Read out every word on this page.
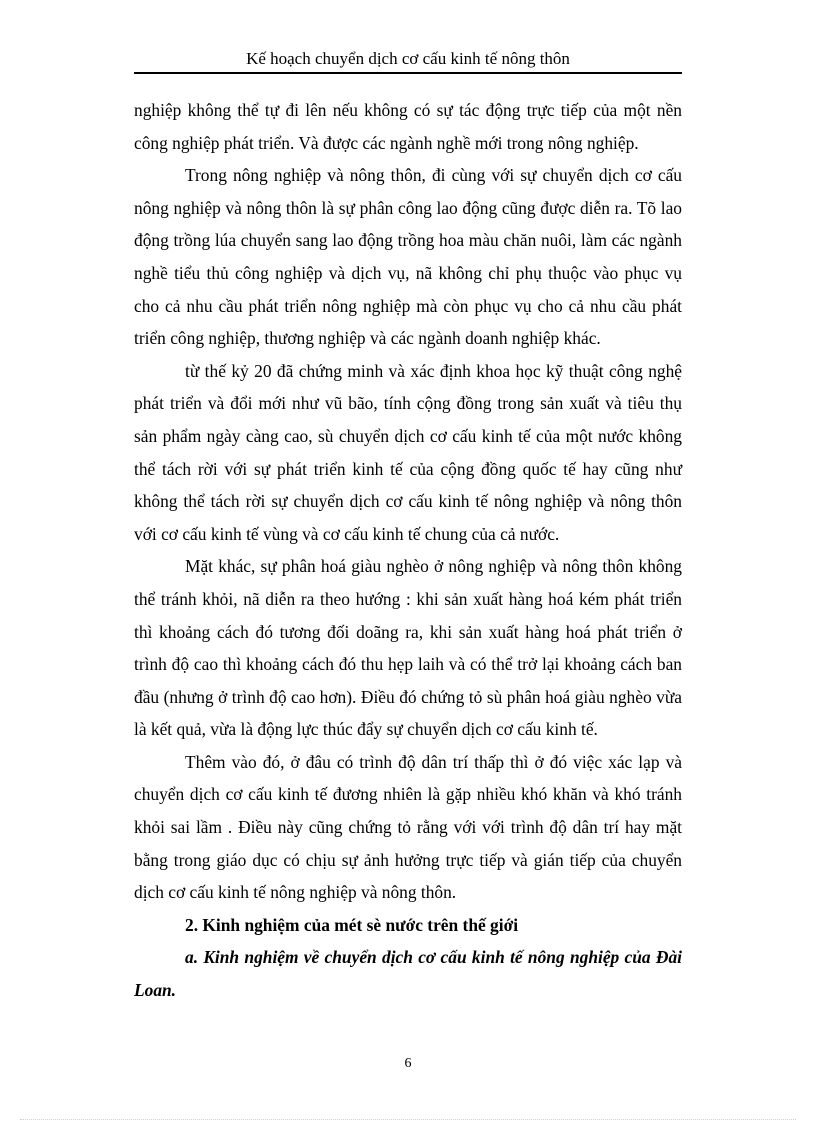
Kế hoạch chuyển dịch cơ cấu kinh tế nông thôn

nghiệp không thể tự đi lên nếu không có sự tác động trực tiếp của một nền công nghiệp phát triển. Và được các ngành nghề mới trong nông nghiệp.

Trong nông nghiệp và nông thôn, đi cùng với sự chuyển dịch cơ cấu nông nghiệp và nông thôn là sự phân công lao động cũng được diễn ra. Tõ lao động trồng lúa chuyển sang lao động trồng hoa màu chăn nuôi, làm các ngành nghề tiểu thủ công nghiệp và dịch vụ, nã không chỉ phụ thuộc vào phục vụ cho cả nhu cầu phát triển nông nghiệp mà còn phục vụ cho cả nhu cầu phát triển công nghiệp, thương nghiệp và các ngành doanh nghiệp khác.

từ thế kỷ 20 đã chứng minh và xác định khoa học kỹ thuật công nghệ phát triển và đổi mới như vũ bão, tính cộng đồng trong sản xuất và tiêu thụ sản phẩm ngày càng cao, sù chuyển dịch cơ cấu kinh tế của một nước không thể tách rời với sự phát triển kinh tế của cộng đồng quốc tế hay cũng như không thể tách rời sự chuyển dịch cơ cấu kinh tế nông nghiệp và nông thôn với cơ cấu kinh tế vùng và cơ cấu kinh tế chung của cả nước.

Mặt khác, sự phân hoá giàu nghèo ở nông nghiệp và nông thôn không thể tránh khỏi, nã diễn ra theo hướng : khi sản xuất hàng hoá kém phát triển thì khoảng cách đó tương đối doãng ra, khi sản xuất hàng hoá phát triển ở trình độ cao thì khoảng cách đó thu hẹp laih và có thể trở lại khoảng cách ban đầu (nhưng ở trình độ cao hơn). Điều đó chứng tỏ sù phân hoá giàu nghèo vừa là kết quả, vừa là động lực thúc đẩy sự chuyển dịch cơ cấu kinh tế.

Thêm vào đó, ở đâu có trình độ dân trí thấp thì ở đó việc xác lạp và chuyển dịch cơ cấu kinh tế đương nhiên là gặp nhiều khó khăn và khó tránh khỏi sai lầm . Điều này cũng chứng tỏ rằng với với trình độ dân trí hay mặt bằng trong giáo dục có chịu sự ảnh hưởng trực tiếp và gián tiếp của chuyển dịch cơ cấu kinh tế nông nghiệp và nông thôn.

2. Kinh nghiệm của mét sè nước trên thế giới

a. Kinh nghiệm về chuyển dịch cơ cấu kinh tế nông nghiệp của Đài Loan.

6
